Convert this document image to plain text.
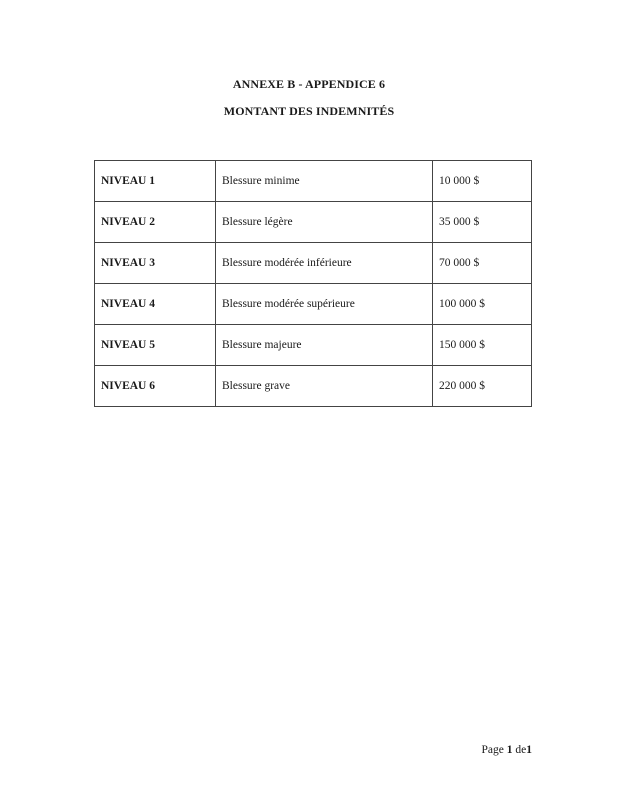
ANNEXE B - APPENDICE 6
MONTANT DES INDEMNITÉS
NIVEAU 1	Blessure minime	10 000 $
NIVEAU 2	Blessure légère	35 000 $
NIVEAU 3	Blessure modérée inférieure	70 000 $
NIVEAU 4	Blessure modérée supérieure	100 000 $
NIVEAU 5	Blessure majeure	150 000 $
NIVEAU 6	Blessure grave	220 000 $
Page 1 de1
